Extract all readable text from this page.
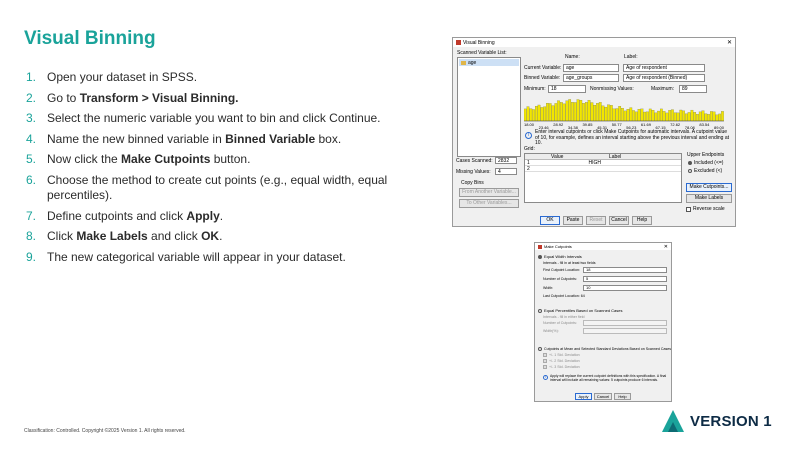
Visual Binning
1. Open your dataset in SPSS.
2. Go to Transform > Visual Binning.
3. Select the numeric variable you want to bin and click Continue.
4. Name the new binned variable in Binned Variable box.
5. Now click the Make Cutpoints button.
6. Choose the method to create cut points (e.g., equal width, equal percentiles).
7. Define cutpoints and click Apply.
8. Click Make Labels and click OK.
9. The new categorical variable will appear in your dataset.
Visual Binning	✕
Scanned Variable List:
age
Name:	Label:
Current Variable: age	Age of respondent
Binned Variable:	age_groups	Age of respondent (Binned)
Minimum:	18	Nonmissing Values:	Maximum:	89
18.00
23.46
28.92
34.38
39.85
45.31
50.77
56.23
61.69
67.15
72.62
78.08
83.54
89.00
i	Enter interval cutpoints or click Make Cutpoints for automatic intervals. A cutpoint value of 10, for example, defines an interval starting above the previous interval and ending at 10.
Cases Scanned:	2832
Missing Values:	4
Copy Bins
From Another Variable...
To Other Variables...
Grid:
Value	Label
1	HIGH
2
Upper Endpoints
Included (<=)
Excluded (<)
Make Cutpoints...
Make Labels
Reverse scale
OK	Paste	Reset	Cancel	Help
Make Cutpoints	✕
Equal Width Intervals
Intervals - fill in at least two fields
First Cutpoint Location:	18
Number of Cutpoints:	5
Width:	10
Last Cutpoint Location: 64
Equal Percentiles Based on Scanned Cases
Intervals - fill in either field
Number of Cutpoints:
Width(%):
Cutpoints at Mean and Selected Standard Deviations Based on Scanned Cases
+/- 1 Std. Deviation
+/- 2 Std. Deviation
+/- 3 Std. Deviation
i	Apply will replace the current cutpoint definitions with this specification. A final interval will include all remaining values: 5 cutpoints produce 6 intervals.
Apply	Cancel	Help
Classification: Controlled. Copyright ©2025 Version 1. All rights reserved.
VERSION 1
